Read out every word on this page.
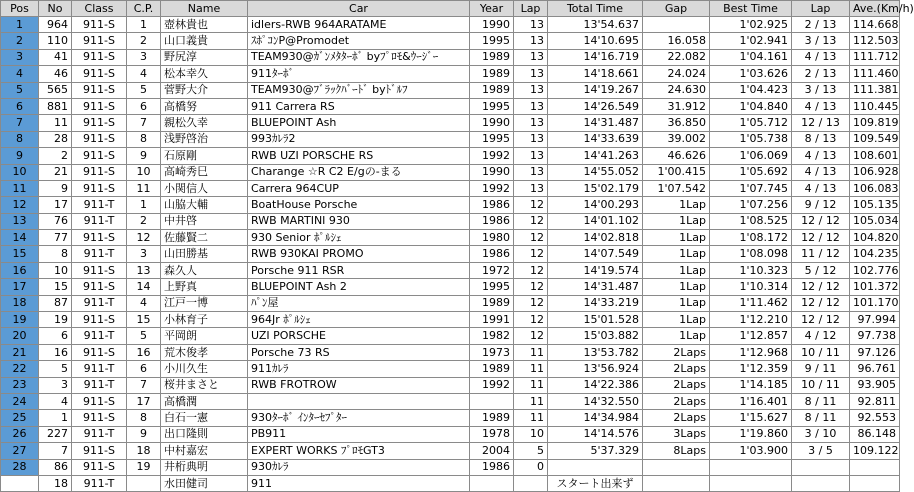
Pos	No	Class	C.P.	Name	Car	Year	Lap	Total Time	Gap	Best Time	Lap	Ave.(Km/h)
1	964	911-S	1	壺林貴也	idlers-RWB 964ARATAME	1990	13	13'54.637		1'02.925	2 / 13	114.668
2	110	911-S	2	山口義貴	ｽﾎﾟｺﾝP@Promodet	1995	13	14'10.695	16.058	1'02.941	3 / 13	112.503
3	41	911-S	3	野尻淳	TEAM930@ｶﾞﾝﾒﾀﾀｰﾎﾞ byﾌﾟﾛﾓ&ｳｰｼﾞｰ	1989	13	14'16.719	22.082	1'04.161	4 / 13	111.712
4	46	911-S	4	松本幸久	911ﾀｰﾎﾞ	1989	13	14'18.661	24.024	1'03.626	2 / 13	111.460
5	565	911-S	5	菅野大介	TEAM930@ﾌﾞﾗｯｸﾊﾞｰﾄﾞ byﾄﾞﾙﾌ	1989	13	14'19.267	24.630	1'04.423	3 / 13	111.381
6	881	911-S	6	高橋努	911 Carrera RS	1995	13	14'26.549	31.912	1'04.840	4 / 13	110.445
7	11	911-S	7	親松久幸	BLUEPOINT Ash	1990	13	14'31.487	36.850	1'05.712	12 / 13	109.819
8	28	911-S	8	浅野啓治	993ｶﾚﾗ2	1995	13	14'33.639	39.002	1'05.738	8 / 13	109.549
9	2	911-S	9	石原剛	RWB UZI PORSCHE RS	1992	13	14'41.263	46.626	1'06.069	4 / 13	108.601
10	21	911-S	10	高崎秀巳	Charange ☆R C2 E/gの-まる	1990	13	14'55.052	1'00.415	1'05.692	4 / 13	106.928
11	9	911-S	11	小関信人	Carrera 964CUP	1992	13	15'02.179	1'07.542	1'07.745	4 / 13	106.083
12	17	911-T	1	山脇大輔	BoatHouse Porsche	1986	12	14'00.293	1Lap	1'07.256	9 / 12	105.135
13	76	911-T	2	中井啓	RWB MARTINI 930	1986	12	14'01.102	1Lap	1'08.525	12 / 12	105.034
14	77	911-S	12	佐藤賢二	930 Senior ﾎﾟﾙｼｪ	1980	12	14'02.818	1Lap	1'08.172	12 / 12	104.820
15	8	911-T	3	山田勝基	RWB 930KAI PROMO	1986	12	14'07.549	1Lap	1'08.098	11 / 12	104.235
16	10	911-S	13	森久人	Porsche 911 RSR	1972	12	14'19.574	1Lap	1'10.323	5 / 12	102.776
17	15	911-S	14	上野真	BLUEPOINT Ash 2	1995	12	14'31.487	1Lap	1'10.314	12 / 12	101.372
18	87	911-T	4	江戸一博	ﾊﾟﾝ屋	1989	12	14'33.219	1Lap	1'11.462	12 / 12	101.170
19	19	911-S	15	小林育子	964Jr ﾎﾟﾙｼｪ	1991	12	15'01.528	1Lap	1'12.210	12 / 12	97.994
20	6	911-T	5	平岡朗	UZI PORSCHE	1982	12	15'03.882	1Lap	1'12.857	4 / 12	97.738
21	16	911-S	16	荒木俊孝	Porsche 73 RS	1973	11	13'53.782	2Laps	1'12.968	10 / 11	97.126
22	5	911-T	6	小川久生	911ｶﾚﾗ	1989	11	13'56.924	2Laps	1'12.359	9 / 11	96.761
23	3	911-T	7	桜井まさと	RWB FROTROW	1992	11	14'22.386	2Laps	1'14.185	10 / 11	93.905
24	4	911-S	17	高橋潤			11	14'32.550	2Laps	1'16.401	8 / 11	92.811
25	1	911-S	8	白石一憲	930ﾀｰﾎﾞ ｲﾝﾀｰｾﾌﾟﾀｰ	1989	11	14'34.984	2Laps	1'15.627	8 / 11	92.553
26	227	911-T	9	出口隆則	PB911	1978	10	14'14.576	3Laps	1'19.860	3 / 10	86.148
27	7	911-S	18	中村嘉宏	EXPERT WORKS ﾌﾟﾛﾓGT3	2004	5	5'37.329	8Laps	1'03.900	3 / 5	109.122
28	86	911-S	19	井桁典明	930ｶﾚﾗ	1986	0					
	18	911-T		水田健司	911			スタート出来ず				
